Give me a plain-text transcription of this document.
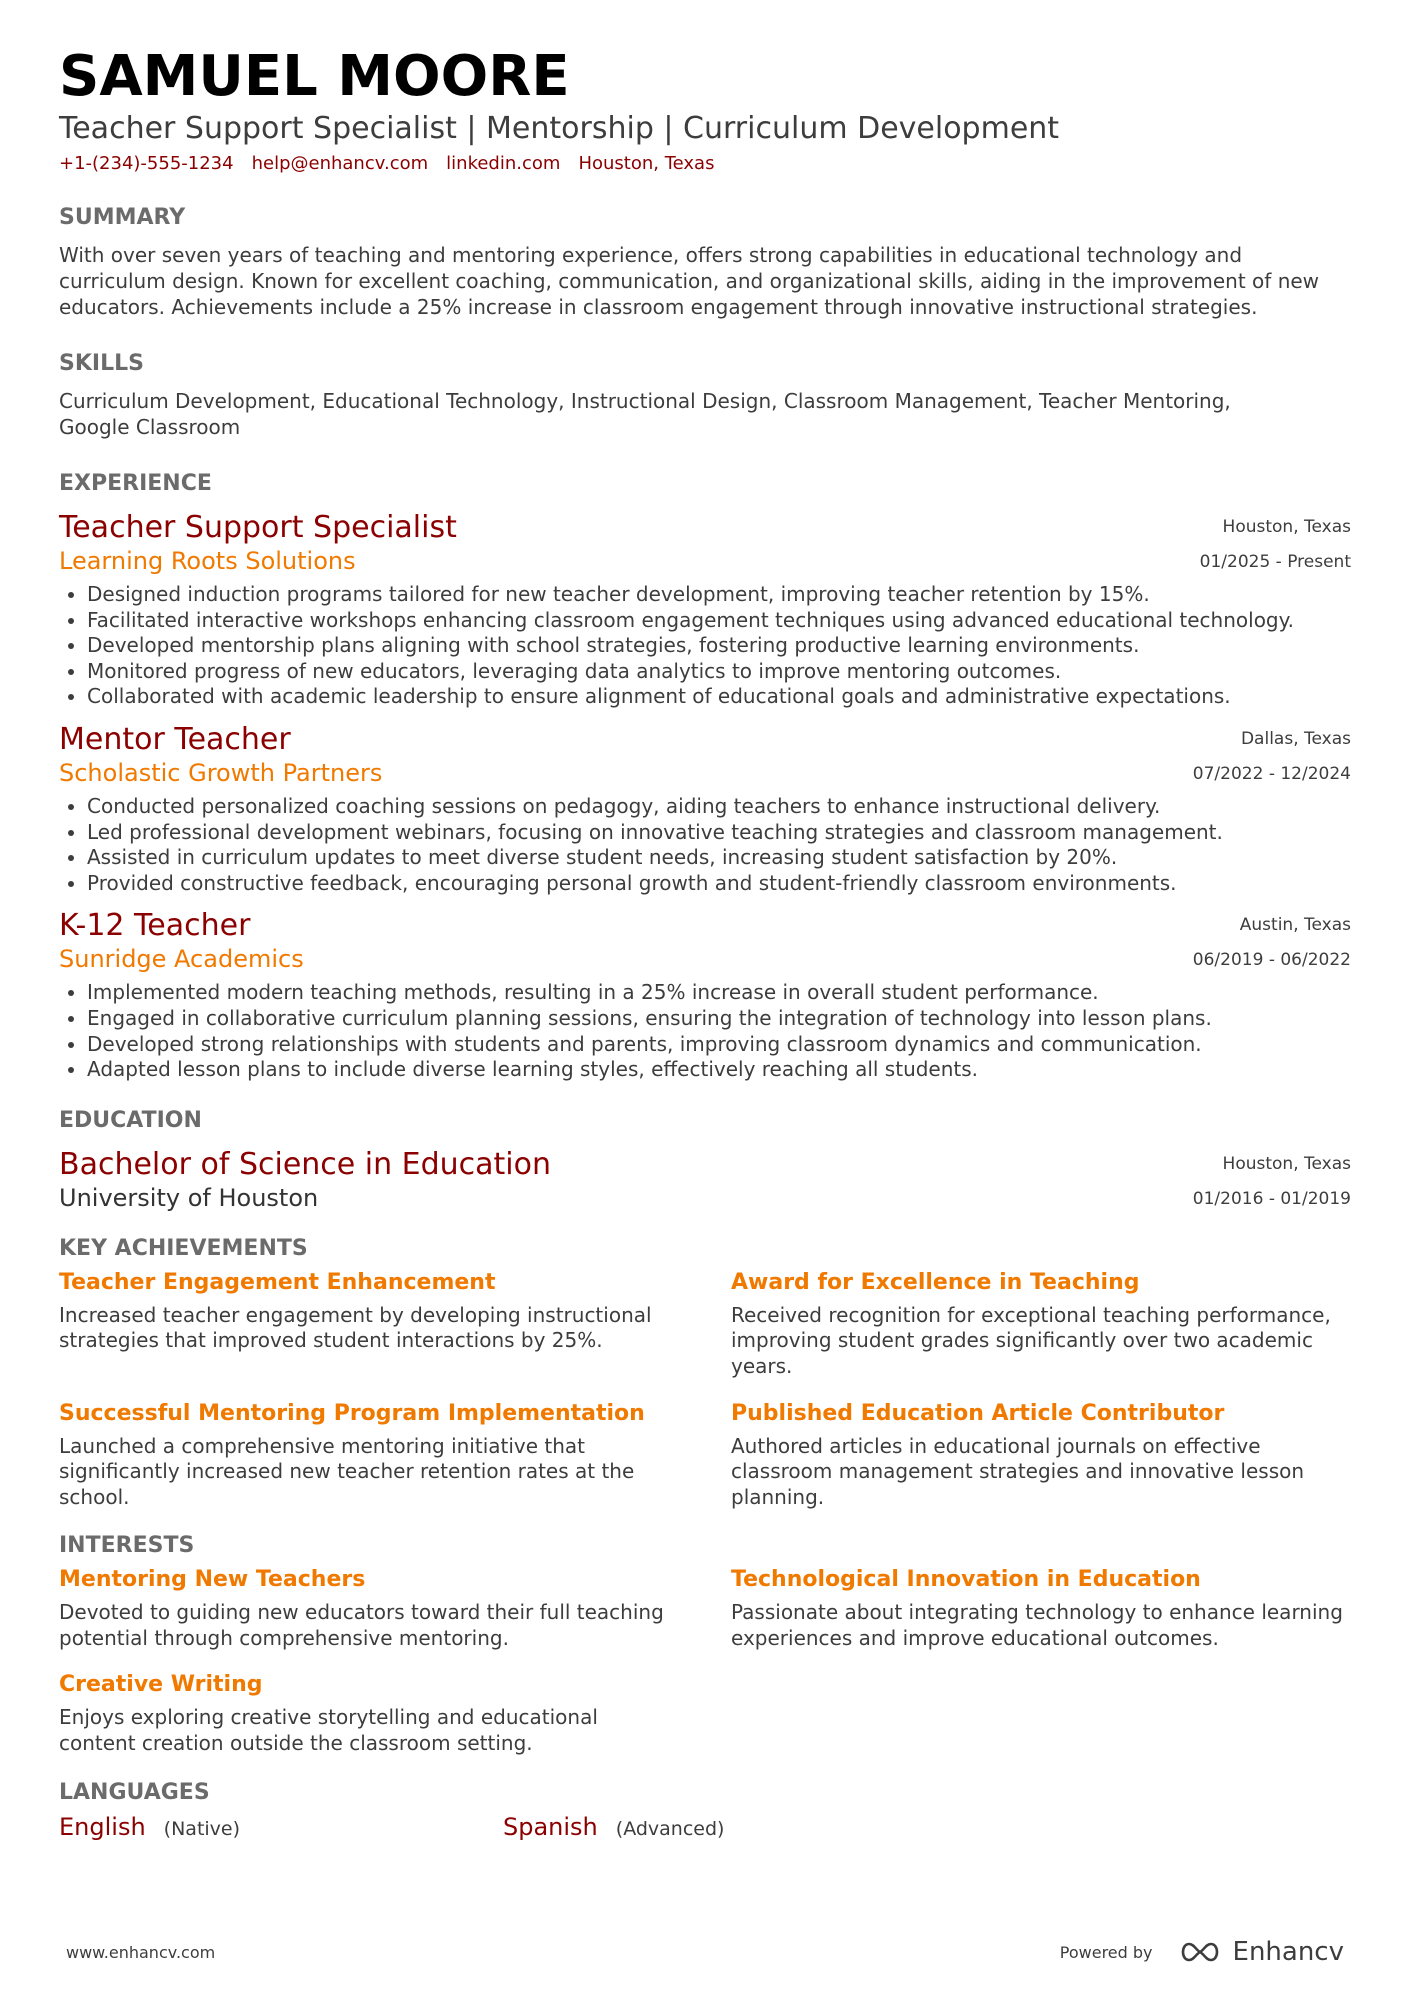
SAMUEL MOORE
Teacher Support Specialist | Mentorship | Curriculum Development
+1-(234)-555-1234 help@enhancv.com linkedin.com Houston, Texas
SUMMARY
With over seven years of teaching and mentoring experience, offers strong capabilities in educational technology and curriculum design. Known for excellent coaching, communication, and organizational skills, aiding in the improvement of new educators. Achievements include a 25% increase in classroom engagement through innovative instructional strategies.
SKILLS
Curriculum Development, Educational Technology, Instructional Design, Classroom Management, Teacher Mentoring, Google Classroom
EXPERIENCE
Teacher Support Specialist
Learning Roots Solutions
Houston, Texas
01/2025 - Present
• Designed induction programs tailored for new teacher development, improving teacher retention by 15%.
• Facilitated interactive workshops enhancing classroom engagement techniques using advanced educational technology.
• Developed mentorship plans aligning with school strategies, fostering productive learning environments.
• Monitored progress of new educators, leveraging data analytics to improve mentoring outcomes.
• Collaborated with academic leadership to ensure alignment of educational goals and administrative expectations.
Mentor Teacher
Scholastic Growth Partners
Dallas, Texas
07/2022 - 12/2024
• Conducted personalized coaching sessions on pedagogy, aiding teachers to enhance instructional delivery.
• Led professional development webinars, focusing on innovative teaching strategies and classroom management.
• Assisted in curriculum updates to meet diverse student needs, increasing student satisfaction by 20%.
• Provided constructive feedback, encouraging personal growth and student-friendly classroom environments.
K-12 Teacher
Sunridge Academics
Austin, Texas
06/2019 - 06/2022
• Implemented modern teaching methods, resulting in a 25% increase in overall student performance.
• Engaged in collaborative curriculum planning sessions, ensuring the integration of technology into lesson plans.
• Developed strong relationships with students and parents, improving classroom dynamics and communication.
• Adapted lesson plans to include diverse learning styles, effectively reaching all students.
EDUCATION
Bachelor of Science in Education
University of Houston
Houston, Texas
01/2016 - 01/2019
KEY ACHIEVEMENTS
Teacher Engagement Enhancement
Increased teacher engagement by developing instructional strategies that improved student interactions by 25%.
Award for Excellence in Teaching
Received recognition for exceptional teaching performance, improving student grades significantly over two academic years.
Successful Mentoring Program Implementation
Launched a comprehensive mentoring initiative that significantly increased new teacher retention rates at the school.
Published Education Article Contributor
Authored articles in educational journals on effective classroom management strategies and innovative lesson planning.
INTERESTS
Mentoring New Teachers
Devoted to guiding new educators toward their full teaching potential through comprehensive mentoring.
Technological Innovation in Education
Passionate about integrating technology to enhance learning experiences and improve educational outcomes.
Creative Writing
Enjoys exploring creative storytelling and educational content creation outside the classroom setting.
LANGUAGES
English (Native)	Spanish (Advanced)
www.enhancv.com	Powered by	Enhancv
